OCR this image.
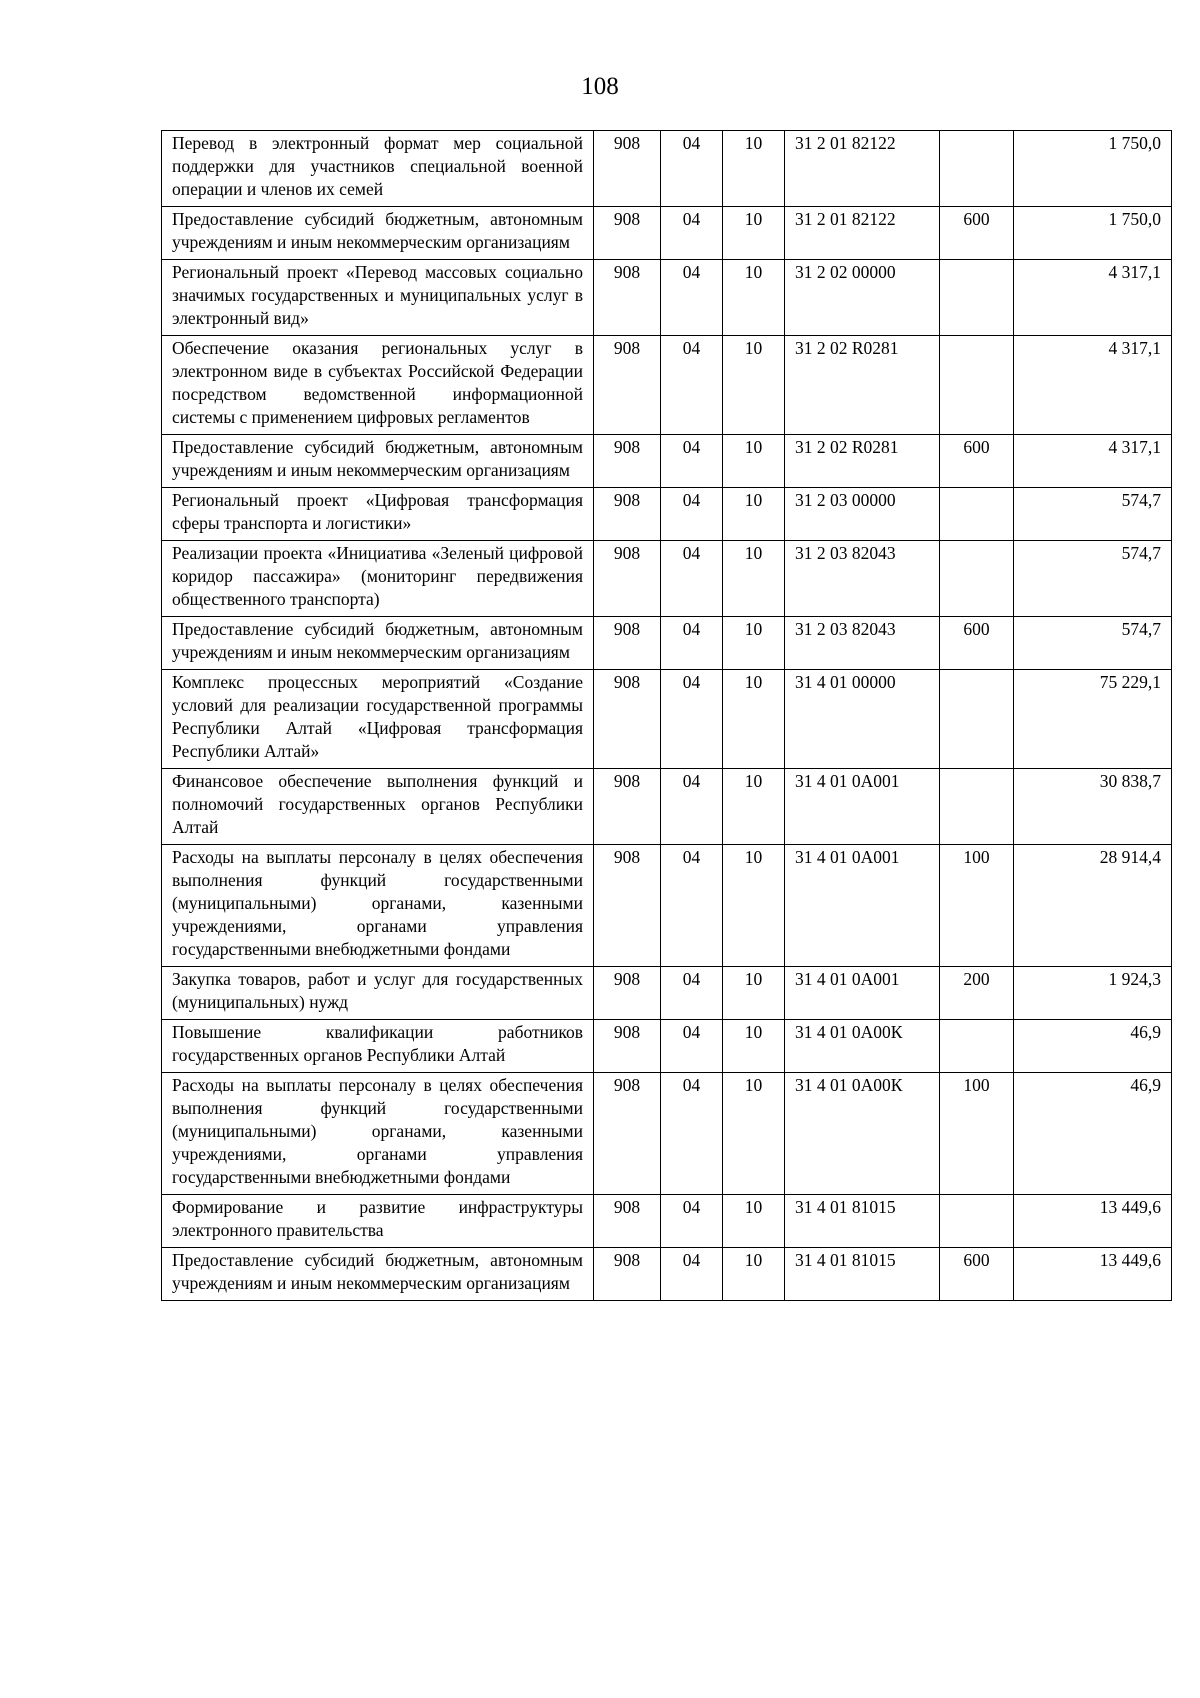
108
Перевод в электронный формат мер социальной поддержки для участников специальной военной операции и членов их семей	908	04	10	31 2 01 82122		1 750,0
Предоставление субсидий бюджетным, автономным учреждениям и иным некоммерческим организациям	908	04	10	31 2 01 82122	600	1 750,0
Региональный проект «Перевод массовых социально значимых государственных и муниципальных услуг в электронный вид»	908	04	10	31 2 02 00000		4 317,1
Обеспечение оказания региональных услуг в электронном виде в субъектах Российской Федерации посредством ведомственной информационной системы с применением цифровых регламентов	908	04	10	31 2 02 R0281		4 317,1
Предоставление субсидий бюджетным, автономным учреждениям и иным некоммерческим организациям	908	04	10	31 2 02 R0281	600	4 317,1
Региональный проект «Цифровая трансформация сферы транспорта и логистики»	908	04	10	31 2 03 00000		574,7
Реализации проекта «Инициатива «Зеленый цифровой коридор пассажира» (мониторинг передвижения общественного транспорта)	908	04	10	31 2 03 82043		574,7
Предоставление субсидий бюджетным, автономным учреждениям и иным некоммерческим организациям	908	04	10	31 2 03 82043	600	574,7
Комплекс процессных мероприятий «Создание условий для реализации государственной программы Республики Алтай «Цифровая трансформация Республики Алтай»	908	04	10	31 4 01 00000		75 229,1
Финансовое обеспечение выполнения функций и полномочий государственных органов Республики Алтай	908	04	10	31 4 01 0А001		30 838,7
Расходы на выплаты персоналу в целях обеспечения выполнения функций государственными (муниципальными) органами, казенными учреждениями, органами управления государственными внебюджетными фондами	908	04	10	31 4 01 0А001	100	28 914,4
Закупка товаров, работ и услуг для государственных (муниципальных) нужд	908	04	10	31 4 01 0А001	200	1 924,3
Повышение квалификации работников государственных органов Республики Алтай	908	04	10	31 4 01 0А00К		46,9
Расходы на выплаты персоналу в целях обеспечения выполнения функций государственными (муниципальными) органами, казенными учреждениями, органами управления государственными внебюджетными фондами	908	04	10	31 4 01 0А00К	100	46,9
Формирование и развитие инфраструктуры электронного правительства	908	04	10	31 4 01 81015		13 449,6
Предоставление субсидий бюджетным, автономным учреждениям и иным некоммерческим организациям	908	04	10	31 4 01 81015	600	13 449,6
